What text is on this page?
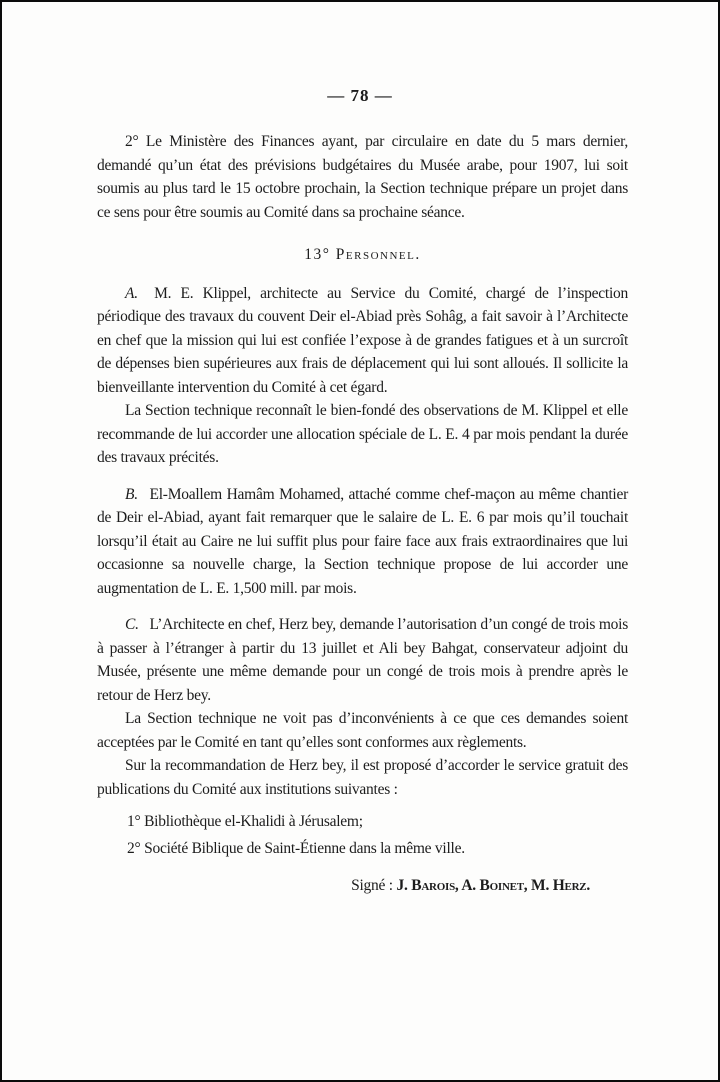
— 78 —

2° Le Ministère des Finances ayant, par circulaire en date du 5 mars dernier, demandé qu’un état des prévisions budgétaires du Musée arabe, pour 1907, lui soit soumis au plus tard le 15 octobre prochain, la Section technique prépare un projet dans ce sens pour être soumis au Comité dans sa prochaine séance.

13° Personnel.

A. M. E. Klippel, architecte au Service du Comité, chargé de l’inspection périodique des travaux du couvent Deir el-Abiad près Sohâg, a fait savoir à l’Architecte en chef que la mission qui lui est confiée l’expose à de grandes fatigues et à un surcroît de dépenses bien supérieures aux frais de déplacement qui lui sont alloués. Il sollicite la bienveillante intervention du Comité à cet égard.

La Section technique reconnaît le bien-fondé des observations de M. Klippel et elle recommande de lui accorder une allocation spéciale de L. E. 4 par mois pendant la durée des travaux précités.

B. El-Moallem Hamâm Mohamed, attaché comme chef-maçon au même chantier de Deir el-Abiad, ayant fait remarquer que le salaire de L. E. 6 par mois qu’il touchait lorsqu’il était au Caire ne lui suffit plus pour faire face aux frais extraordinaires que lui occasionne sa nouvelle charge, la Section technique propose de lui accorder une augmentation de L. E. 1,500 mill. par mois.

C. L’Architecte en chef, Herz bey, demande l’autorisation d’un congé de trois mois à passer à l’étranger à partir du 13 juillet et Ali bey Bahgat, conservateur adjoint du Musée, présente une même demande pour un congé de trois mois à prendre après le retour de Herz bey.

La Section technique ne voit pas d’inconvénients à ce que ces demandes soient acceptées par le Comité en tant qu’elles sont conformes aux règlements.

Sur la recommandation de Herz bey, il est proposé d’accorder le service gratuit des publications du Comité aux institutions suivantes :

1° Bibliothèque el-Khalidi à Jérusalem;

2° Société Biblique de Saint-Étienne dans la même ville.

Signé : J. Barois, A. Boinet, M. Herz.
